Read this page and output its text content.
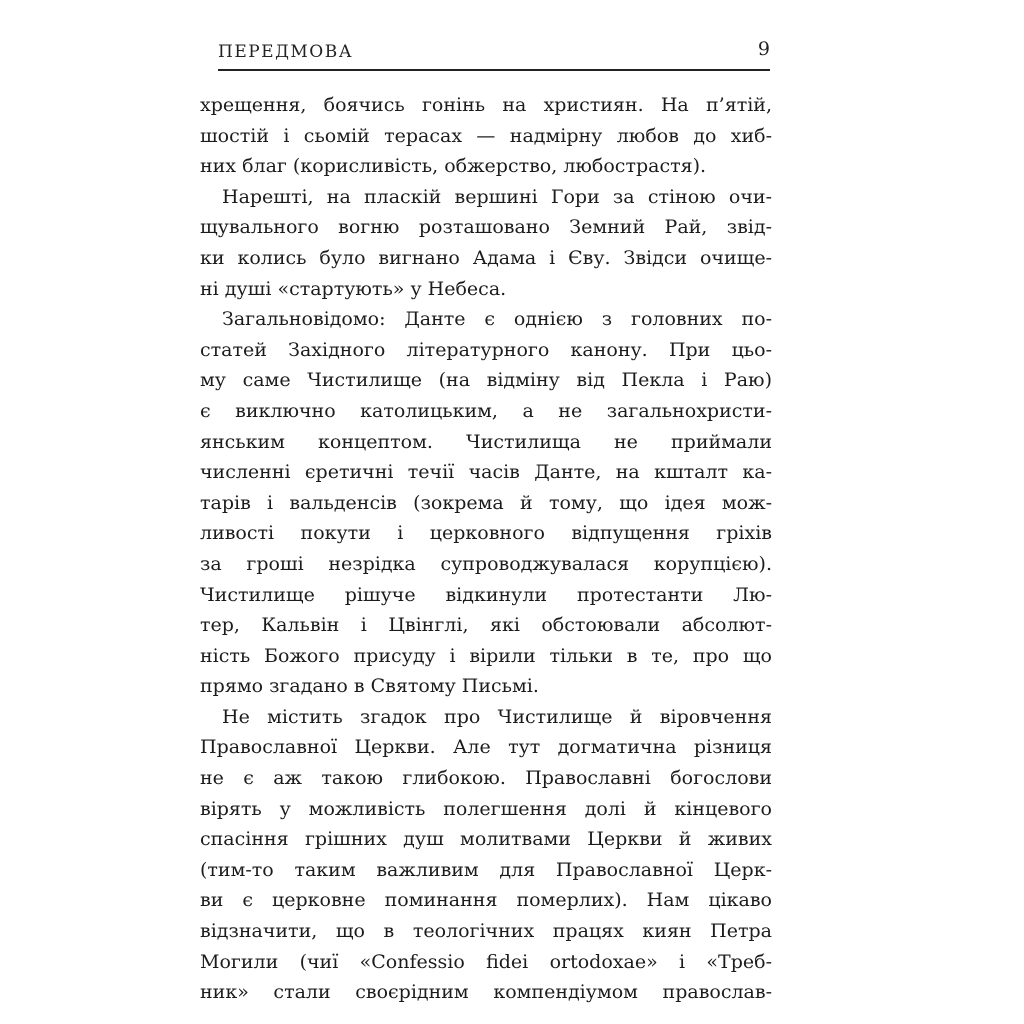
ПЕРЕДМОВА	9
хрещення, боячись гонінь на християн. На п’ятій,
шостій і сьомій терасах — надмірну любов до хиб-
них благ (корисливість, обжерство, любострастя).
Нарешті, на пласкій вершині Гори за стіною очи-
щувального вогню розташовано Земний Рай, звід-
ки колись було вигнано Адама і Єву. Звідси очище-
ні душі «стартують» у Небеса.
Загальновідомо: Данте є однією з головних по-
статей Західного літературного канону. При цьо-
му саме Чистилище (на відміну від Пекла і Раю)
є виключно католицьким, а не загальнохристи-
янським концептом. Чистилища не приймали
численні єретичні течії часів Данте, на кшталт ка-
тарів і вальденсів (зокрема й тому, що ідея мож-
ливості покути і церковного відпущення гріхів
за гроші незрідка супроводжувалася корупцією).
Чистилище рішуче відкинули протестанти Лю-
тер, Кальвін і Цвінглі, які обстоювали абсолют-
ність Божого присуду і вірили тільки в те, про що
прямо згадано в Святому Письмі.
Не містить згадок про Чистилище й віровчення
Православної Церкви. Але тут догматична різниця
не є аж такою глибокою. Православні богослови
вірять у можливість полегшення долі й кінцевого
спасіння грішних душ молитвами Церкви й живих
(тим-то таким важливим для Православної Церк-
ви є церковне поминання померлих). Нам цікаво
відзначити, що в теологічних працях киян Петра
Могили (чиї «Confessio fidei ortodoxae» і «Треб-
ник» стали своєрідним компендіумом православ-
